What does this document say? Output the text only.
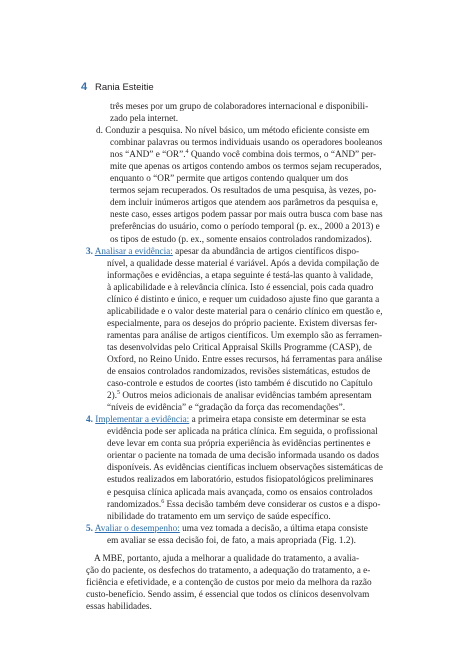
4 Rania Esteitie
três meses por um grupo de colaboradores internacional e disponibili-
zado pela internet.
d. Conduzir a pesquisa. No nível básico, um método eficiente consiste em
combinar palavras ou termos individuais usando os operadores booleanos
nos “AND” e “OR”.$^4$ Quando você combina dois termos, o “AND” per-
mite que apenas os artigos contendo ambos os termos sejam recuperados,
enquanto o “OR” permite que artigos contendo qualquer um dos
termos sejam recuperados. Os resultados de uma pesquisa, às vezes, po-
dem incluir inúmeros artigos que atendem aos parâmetros da pesquisa e,
neste caso, esses artigos podem passar por mais outra busca com base nas
preferências do usuário, como o período temporal (p. ex., 2000 a 2013) e
os tipos de estudo (p. ex., somente ensaios controlados randomizados).
3. Analisar a evidência: apesar da abundância de artigos científicos dispo-
nível, a qualidade desse material é variável. Após a devida compilação de
informações e evidências, a etapa seguinte é testá-las quanto à validade,
à aplicabilidade e à relevância clínica. Isto é essencial, pois cada quadro
clínico é distinto e único, e requer um cuidadoso ajuste fino que garanta a
aplicabilidade e o valor deste material para o cenário clínico em questão e,
especialmente, para os desejos do próprio paciente. Existem diversas fer-
ramentas para análise de artigos científicos. Um exemplo são as ferramen-
tas desenvolvidas pelo Critical Appraisal Skills Programme (CASP), de
Oxford, no Reino Unido. Entre esses recursos, há ferramentas para análise
de ensaios controlados randomizados, revisões sistemáticas, estudos de
caso-controle e estudos de coortes (isto também é discutido no Capítulo
2).$^5$ Outros meios adicionais de analisar evidências também apresentam
“níveis de evidência” e “gradação da força das recomendações”.
4. Implementar a evidência: a primeira etapa consiste em determinar se esta
evidência pode ser aplicada na prática clínica. Em seguida, o profissional
deve levar em conta sua própria experiência às evidências pertinentes e
orientar o paciente na tomada de uma decisão informada usando os dados
disponíveis. As evidências científicas incluem observações sistemáticas de
estudos realizados em laboratório, estudos fisiopatológicos preliminares
e pesquisa clínica aplicada mais avançada, como os ensaios controlados
randomizados.$^6$ Essa decisão também deve considerar os custos e a dispo-
nibilidade do tratamento em um serviço de saúde específico.
5. Avaliar o desempenho: uma vez tomada a decisão, a última etapa consiste
em avaliar se essa decisão foi, de fato, a mais apropriada (Fig. 1.2).
A MBE, portanto, ajuda a melhorar a qualidade do tratamento, a avalia-
ção do paciente, os desfechos do tratamento, a adequação do tratamento, a e-
ficiência e efetividade, e a contenção de custos por meio da melhora da razão
custo-benefício. Sendo assim, é essencial que todos os clínicos desenvolvam
essas habilidades.
